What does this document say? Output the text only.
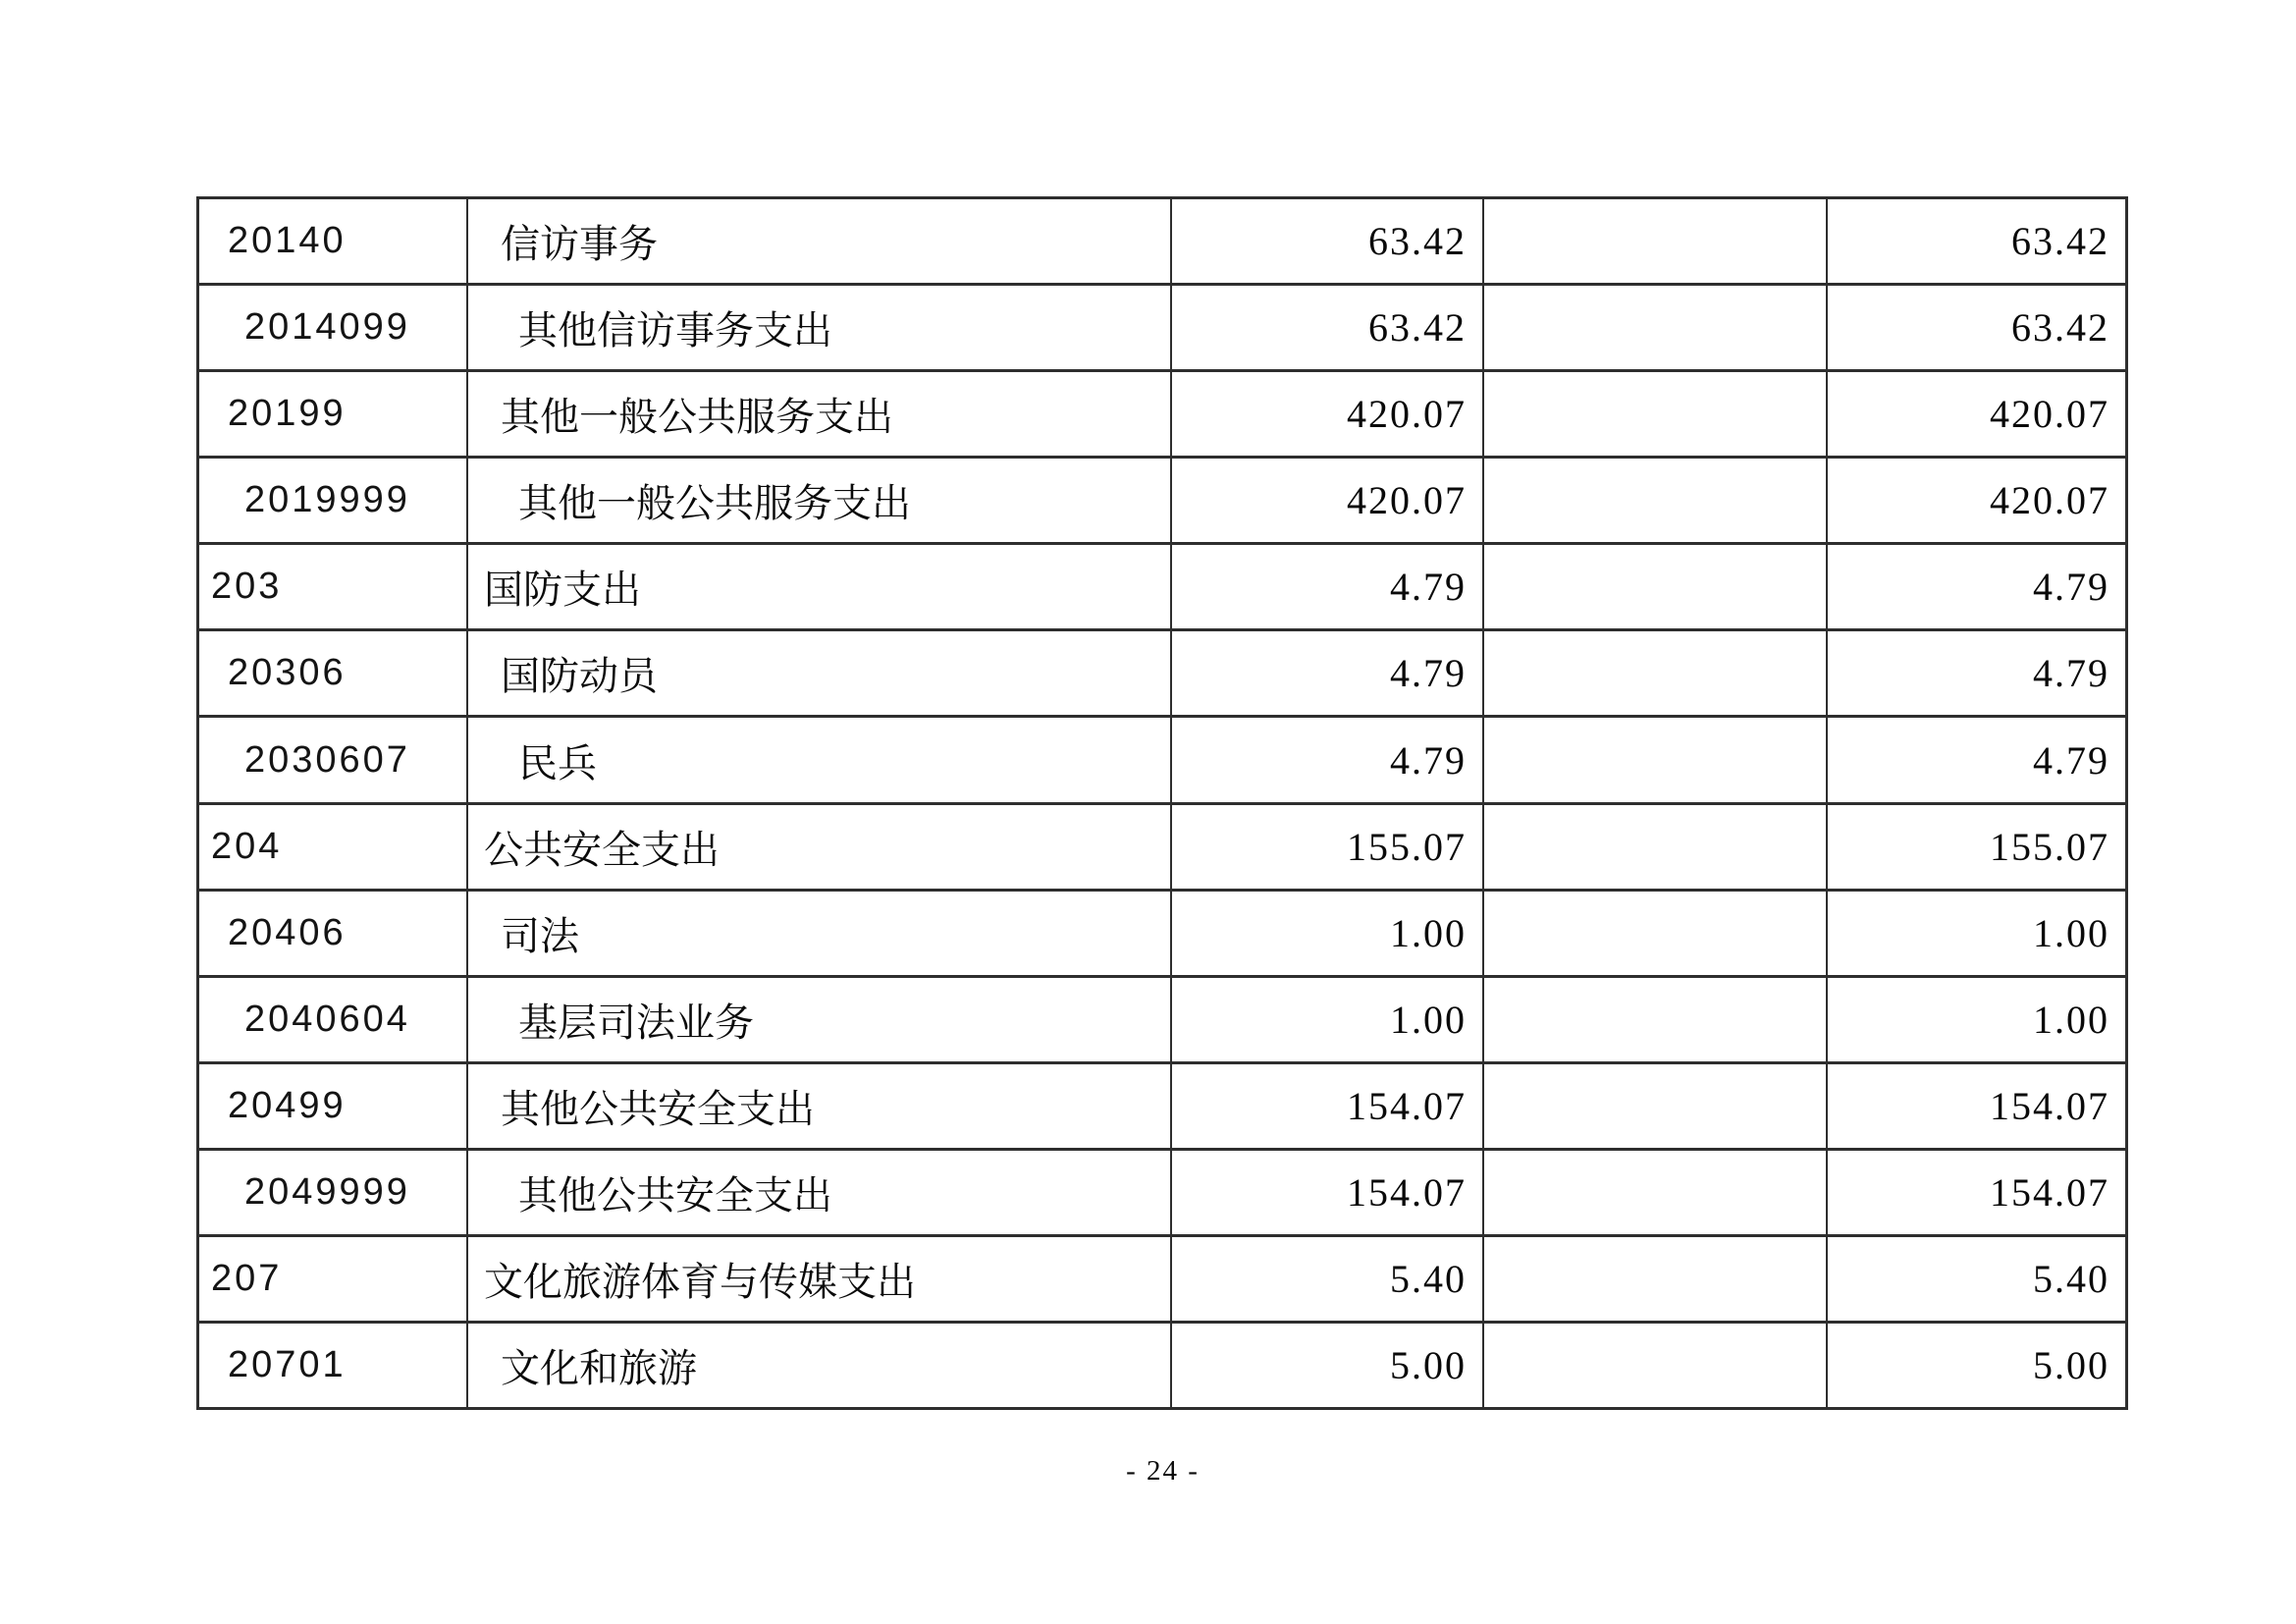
20140	信访事务	63.42	63.42
2014099	其他信访事务支出	63.42	63.42
20199	其他一般公共服务支出	420.07	420.07
2019999	其他一般公共服务支出	420.07	420.07
203	国防支出	4.79	4.79
20306	国防动员	4.79	4.79
2030607	民兵	4.79	4.79
204	公共安全支出	155.07	155.07
20406	司法	1.00	1.00
2040604	基层司法业务	1.00	1.00
20499	其他公共安全支出	154.07	154.07
2049999	其他公共安全支出	154.07	154.07
207	文化旅游体育与传媒支出	5.40	5.40
20701	文化和旅游	5.00	5.00
- 24 -
